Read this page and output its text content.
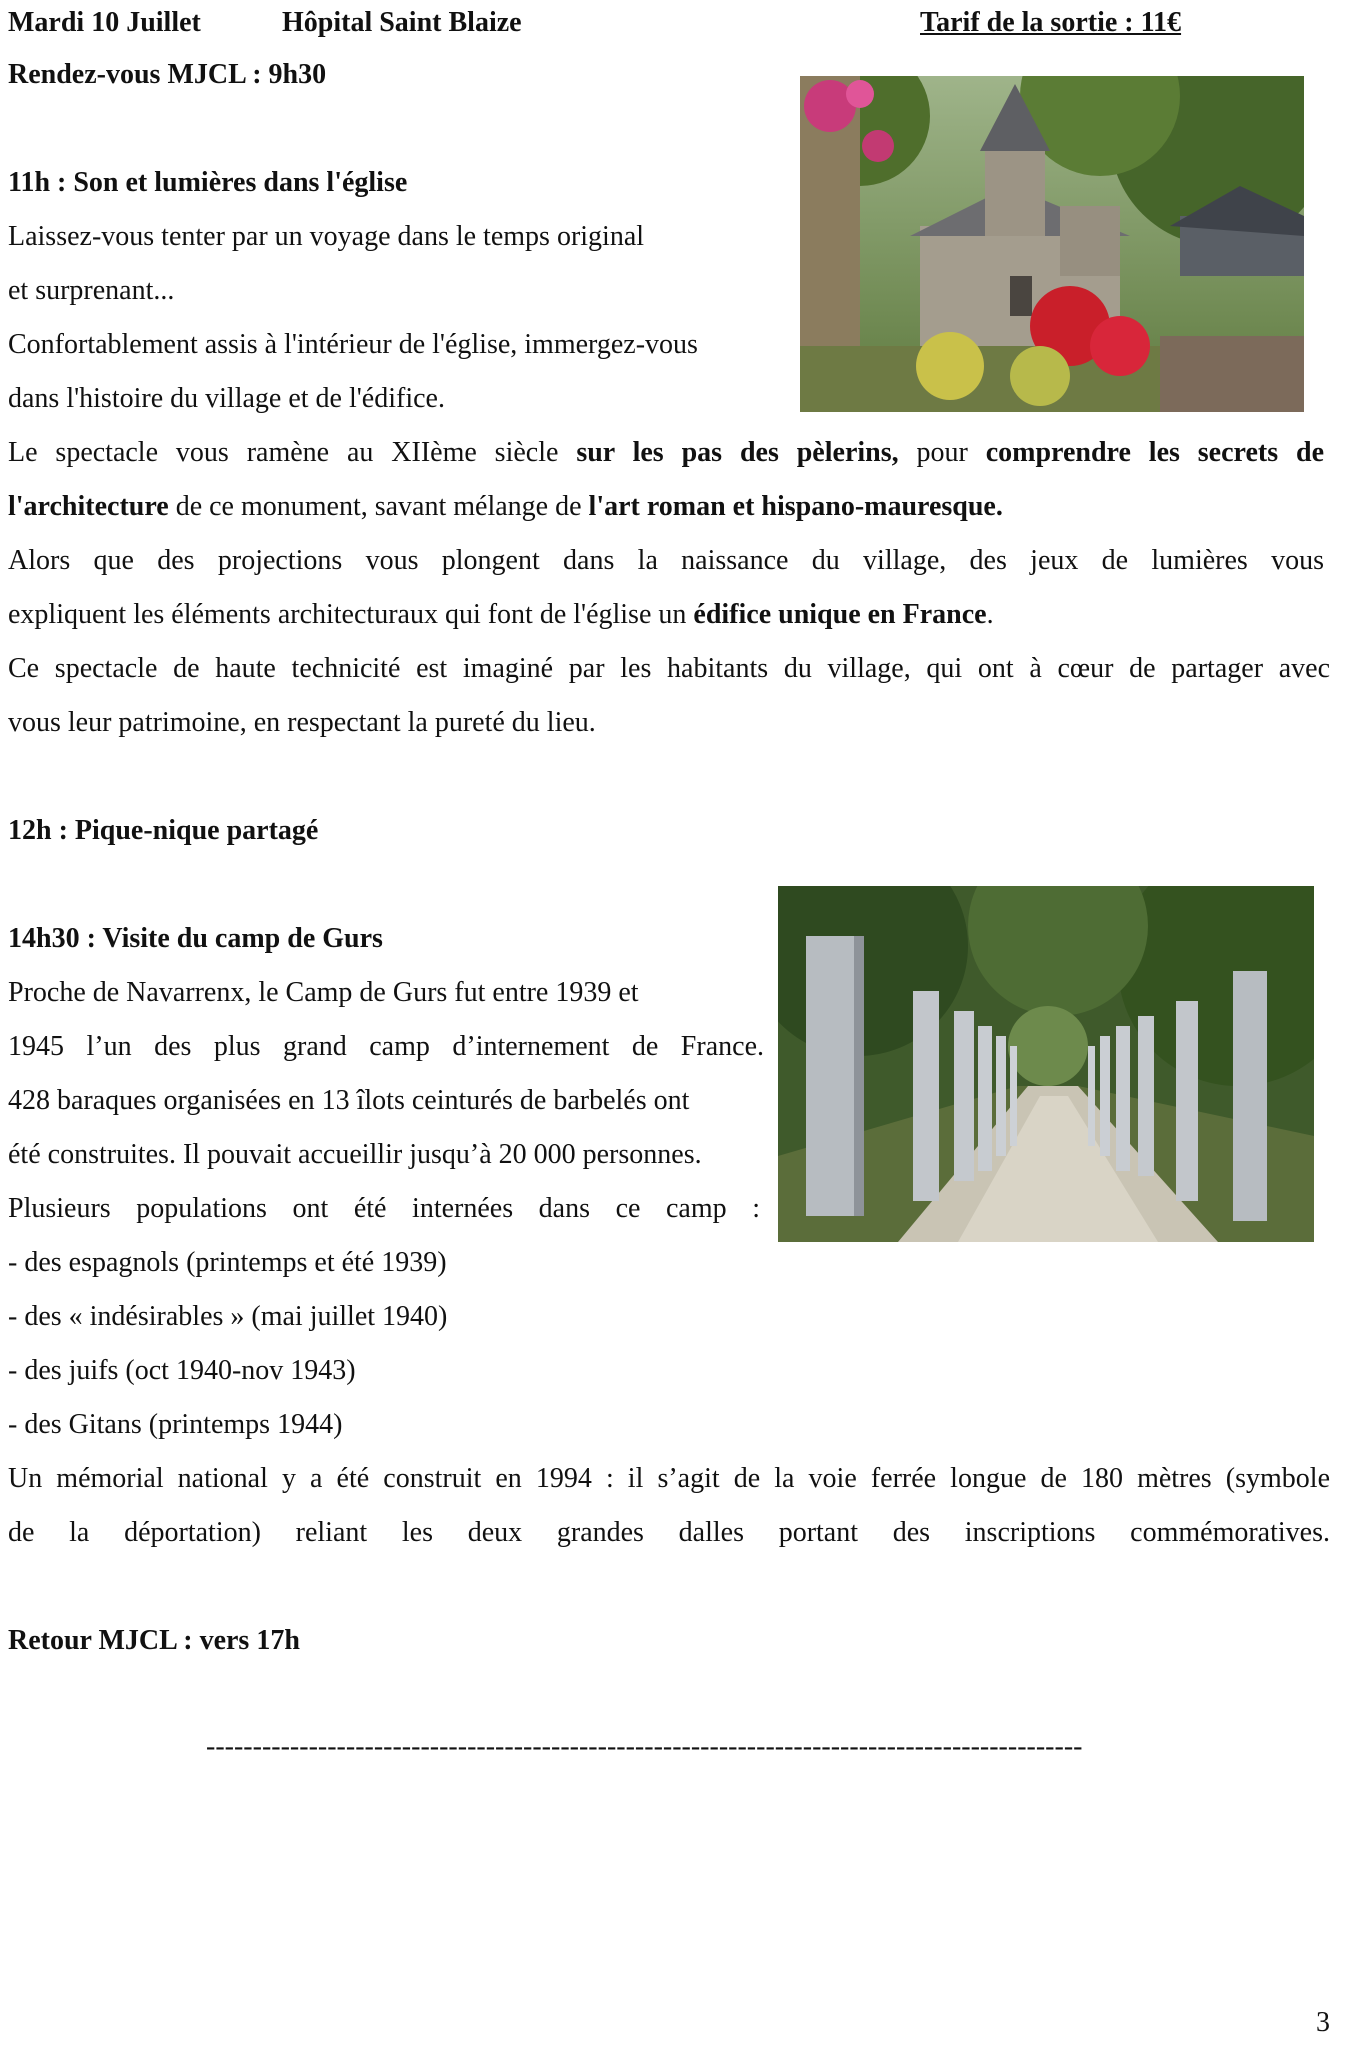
Mardi 10 Juillet	Hôpital Saint Blaize	Tarif de la sortie : 11€

Rendez-vous MJCL : 9h30

11h : Son et lumières dans l'église

Laissez-vous tenter par un voyage dans le temps original

et surprenant...

Confortablement assis à l'intérieur de l'église, immergez-vous

dans l'histoire du village et de l'édifice.

Le spectacle vous ramène au XIIème siècle sur les pas des pèlerins, pour comprendre les secrets de

l'architecture de ce monument, savant mélange de l'art roman et hispano-mauresque.

Alors que des projections vous plongent dans la naissance du village, des jeux de lumières vous

expliquent les éléments architecturaux qui font de l'église un édifice unique en France.

Ce spectacle de haute technicité est imaginé par les habitants du village, qui ont à cœur de partager avec

vous leur patrimoine, en respectant la pureté du lieu.

12h : Pique-nique partagé

14h30 : Visite du camp de Gurs

Proche de Navarrenx, le Camp de Gurs fut entre 1939 et

1945 l’un des plus grand camp d’internement de France.

428 baraques organisées en 13 îlots ceinturés de barbelés ont

été construites. Il pouvait accueillir jusqu’à 20 000 personnes.

Plusieurs populations ont été internées dans ce camp :

- des espagnols (printemps et été 1939)

- des « indésirables » (mai juillet 1940)

- des juifs (oct 1940-nov 1943)

- des Gitans (printemps 1944)

Un mémorial national y a été construit en 1994 : il s’agit de la voie ferrée longue de 180 mètres (symbole

de la déportation) reliant les deux grandes dalles portant des inscriptions commémoratives.

Retour MJCL : vers 17h

----------------------------------------------------------------------------------------------

3
